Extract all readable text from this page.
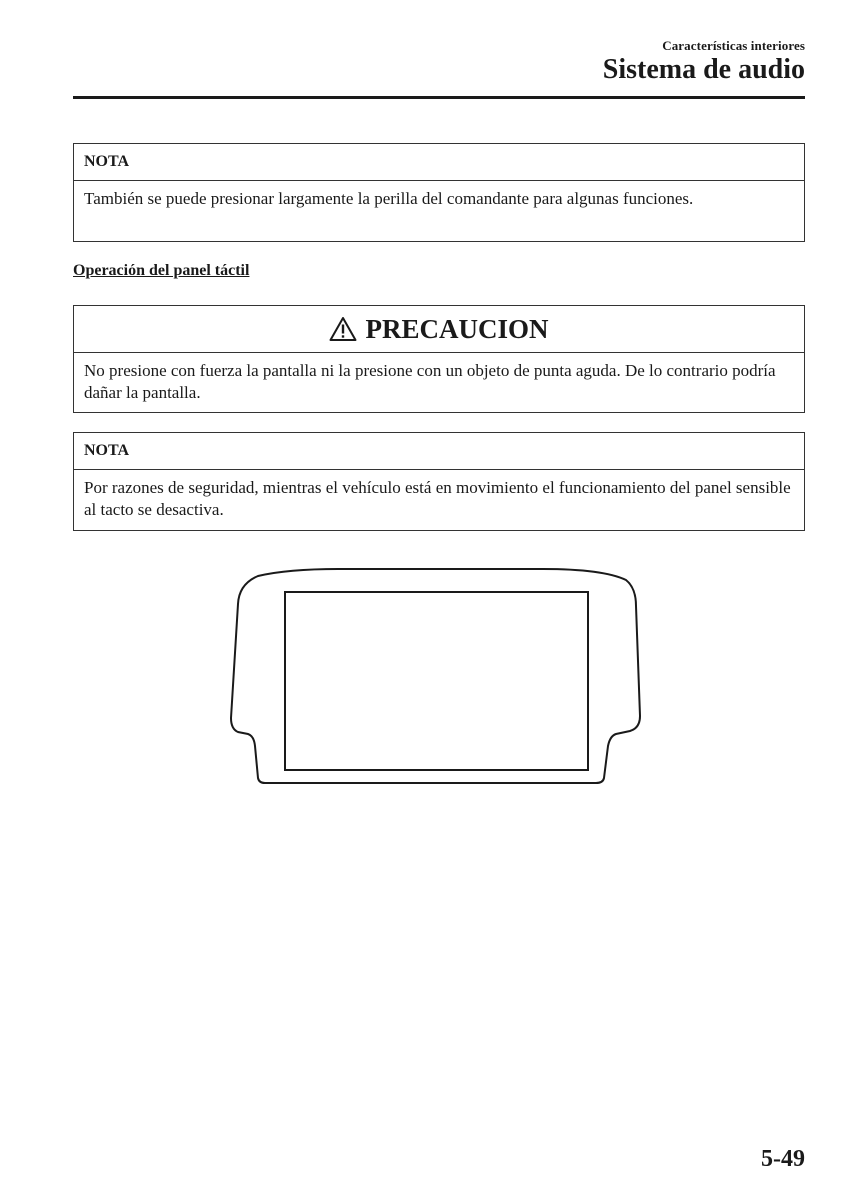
Características interiores
Sistema de audio
NOTA
También se puede presionar largamente la perilla del comandante para algunas funciones.
Operación del panel táctil
PRECAUCION
No presione con fuerza la pantalla ni la presione con un objeto de punta aguda. De lo contrario podría dañar la pantalla.
NOTA
Por razones de seguridad, mientras el vehículo está en movimiento el funcionamiento del panel sensible al tacto se desactiva.
5-49
